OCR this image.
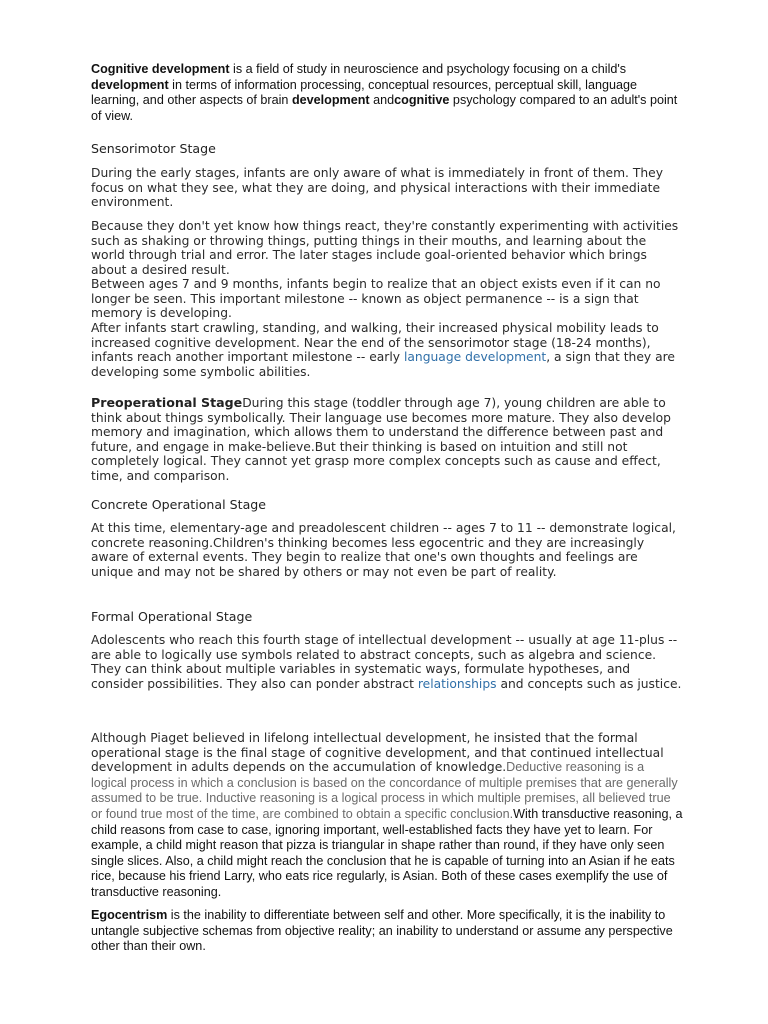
Cognitive development is a field of study in neuroscience and psychology focusing on a child's development in terms of information processing, conceptual resources, perceptual skill, language learning, and other aspects of brain development andcognitive psychology compared to an adult's point of view.

Sensorimotor Stage

During the early stages, infants are only aware of what is immediately in front of them. They focus on what they see, what they are doing, and physical interactions with their immediate environment.

Because they don't yet know how things react, they're constantly experimenting with activities such as shaking or throwing things, putting things in their mouths, and learning about the world through trial and error. The later stages include goal-oriented behavior which brings about a desired result.

Between ages 7 and 9 months, infants begin to realize that an object exists even if it can no longer be seen. This important milestone -- known as object permanence -- is a sign that memory is developing.

After infants start crawling, standing, and walking, their increased physical mobility leads to increased cognitive development. Near the end of the sensorimotor stage (18-24 months), infants reach another important milestone -- early language development, a sign that they are developing some symbolic abilities.

Preoperational StageDuring this stage (toddler through age 7), young children are able to think about things symbolically. Their language use becomes more mature. They also develop memory and imagination, which allows them to understand the difference between past and future, and engage in make-believe.But their thinking is based on intuition and still not completely logical. They cannot yet grasp more complex concepts such as cause and effect, time, and comparison.

Concrete Operational Stage

At this time, elementary-age and preadolescent children -- ages 7 to 11 -- demonstrate logical, concrete reasoning.Children's thinking becomes less egocentric and they are increasingly aware of external events. They begin to realize that one's own thoughts and feelings are unique and may not be shared by others or may not even be part of reality.

Formal Operational Stage

Adolescents who reach this fourth stage of intellectual development -- usually at age 11-plus -- are able to logically use symbols related to abstract concepts, such as algebra and science. They can think about multiple variables in systematic ways, formulate hypotheses, and consider possibilities. They also can ponder abstract relationships and concepts such as justice.

Although Piaget believed in lifelong intellectual development, he insisted that the formal operational stage is the final stage of cognitive development, and that continued intellectual development in adults depends on the accumulation of knowledge.Deductive reasoning is a logical process in which a conclusion is based on the concordance of multiple premises that are generally assumed to be true. Inductive reasoning is a logical process in which multiple premises, all believed true or found true most of the time, are combined to obtain a specific conclusion.With transductive reasoning, a child reasons from case to case, ignoring important, well-established facts they have yet to learn. For example, a child might reason that pizza is triangular in shape rather than round, if they have only seen single slices. Also, a child might reach the conclusion that he is capable of turning into an Asian if he eats rice, because his friend Larry, who eats rice regularly, is Asian. Both of these cases exemplify the use of transductive reasoning.

Egocentrism is the inability to differentiate between self and other. More specifically, it is the inability to untangle subjective schemas from objective reality; an inability to understand or assume any perspective other than their own.
